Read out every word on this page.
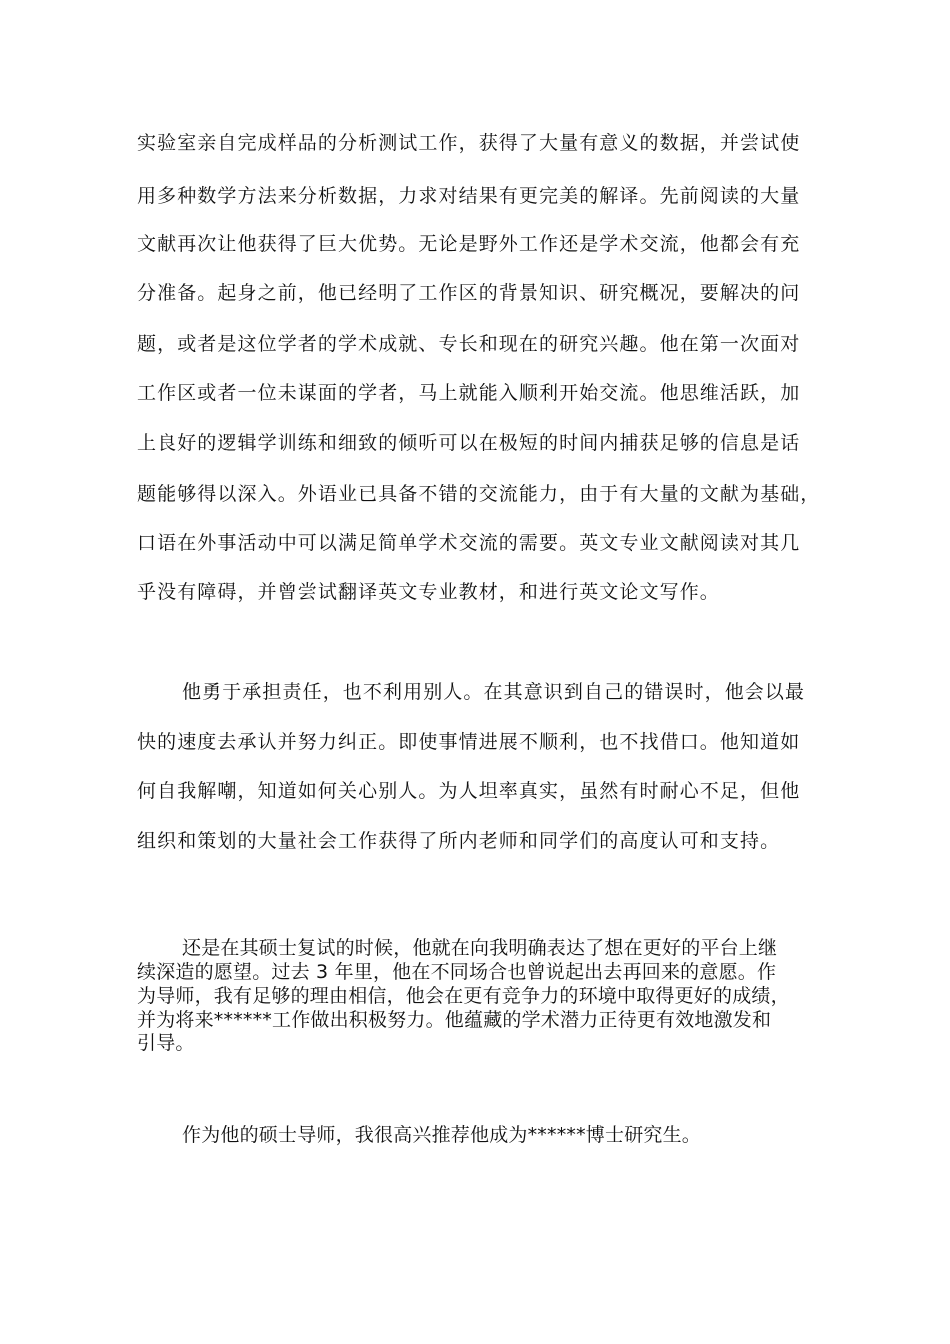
实验室亲自完成样品的分析测试工作，获得了大量有意义的数据，并尝试使

用多种数学方法来分析数据，力求对结果有更完美的解译。先前阅读的大量

文献再次让他获得了巨大优势。无论是野外工作还是学术交流，他都会有充

分准备。起身之前，他已经明了工作区的背景知识、研究概况，要解决的问

题，或者是这位学者的学术成就、专长和现在的研究兴趣。他在第一次面对

工作区或者一位未谋面的学者，马上就能入顺利开始交流。他思维活跃，加

上良好的逻辑学训练和细致的倾听可以在极短的时间内捕获足够的信息是话

题能够得以深入。外语业已具备不错的交流能力，由于有大量的文献为基础，

口语在外事活动中可以满足简单学术交流的需要。英文专业文献阅读对其几

乎没有障碍，并曾尝试翻译英文专业教材，和进行英文论文写作。

他勇于承担责任，也不利用别人。在其意识到自己的错误时，他会以最

快的速度去承认并努力纠正。即使事情进展不顺利，也不找借口。他知道如

何自我解嘲，知道如何关心别人。为人坦率真实，虽然有时耐心不足，但他

组织和策划的大量社会工作获得了所内老师和同学们的高度认可和支持。

还是在其硕士复试的时候，他就在向我明确表达了想在更好的平台上继

续深造的愿望。过去 3 年里，他在不同场合也曾说起出去再回来的意愿。作

为导师，我有足够的理由相信，他会在更有竞争力的环境中取得更好的成绩，

并为将来******工作做出积极努力。他蕴藏的学术潜力正待更有效地激发和

引导。

作为他的硕士导师，我很高兴推荐他成为******博士研究生。
